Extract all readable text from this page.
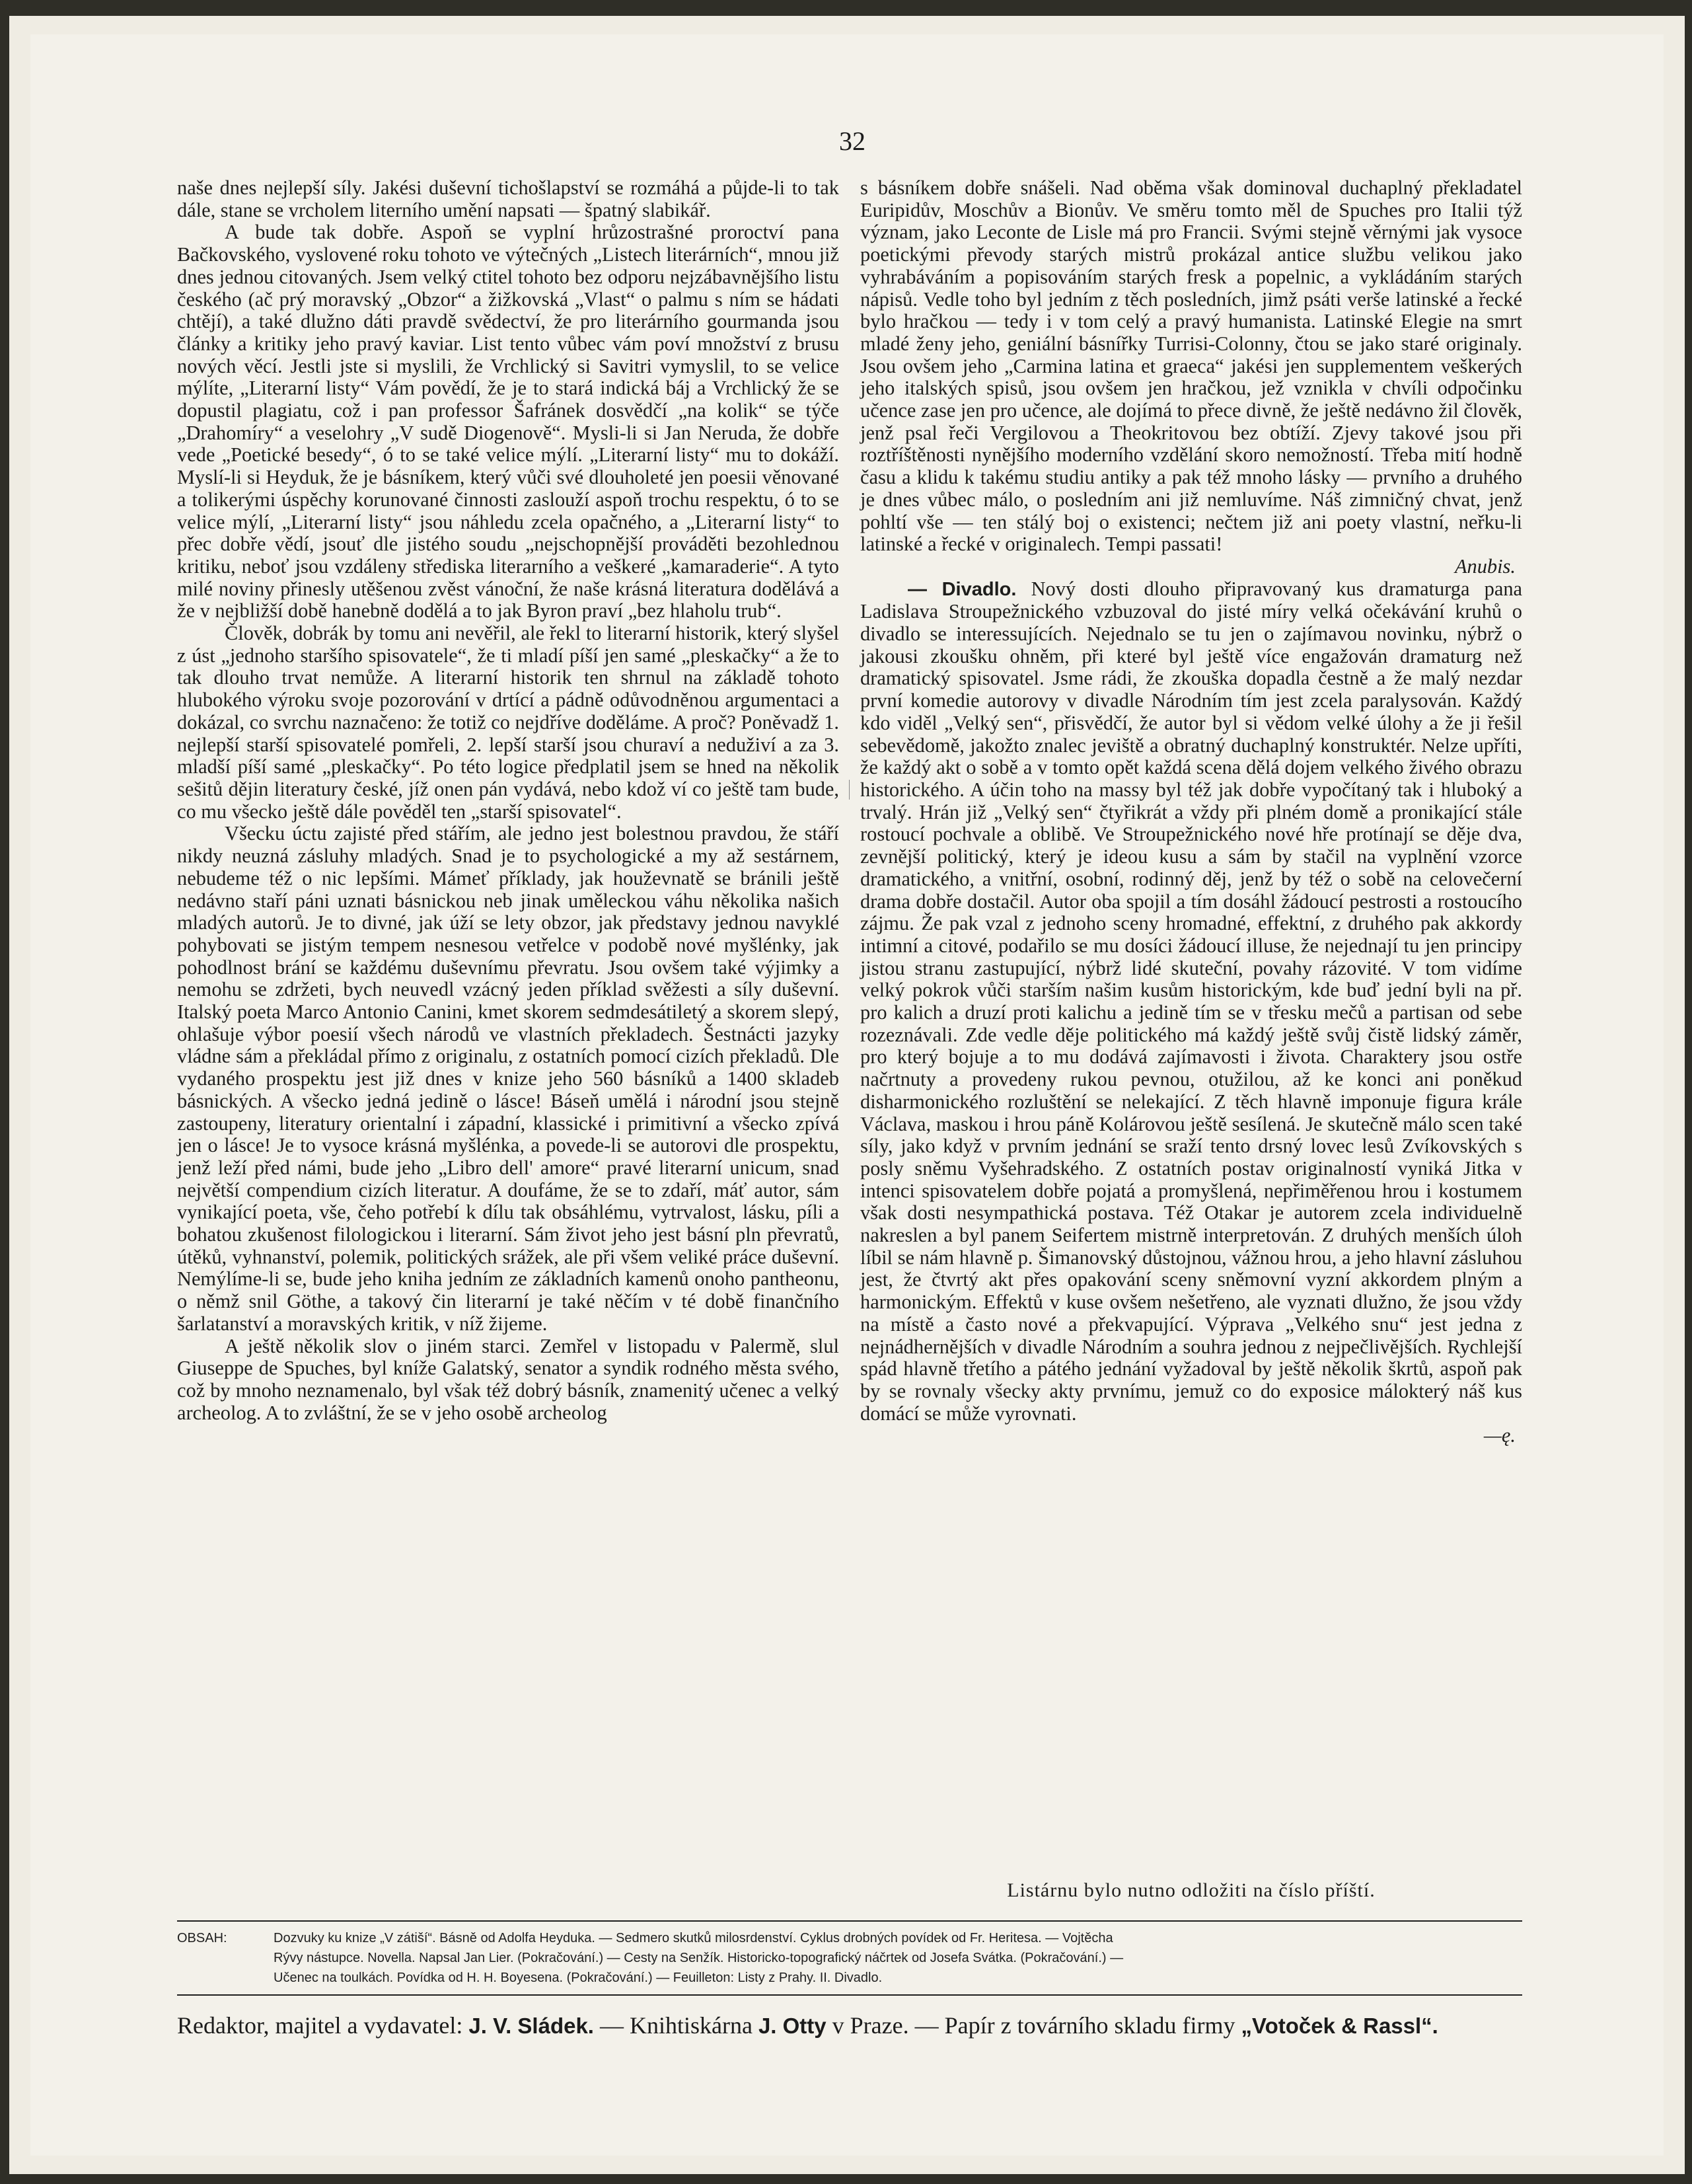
32

naše dnes nejlepší síly. Jakési duševní tichošlapství se rozmáhá a půjde-li to tak dále, stane se vrcholem literního umění napsati — špatný slabikář.

A bude tak dobře. Aspoň se vyplní hrůzostrašné proroctví pana Bačkovského, vyslovené roku tohoto ve výtečných „Listech literárních“, mnou již dnes jednou citovaných. Jsem velký ctitel tohoto bez odporu nejzábavnějšího listu českého (ač prý moravský „Obzor“ a žižkovská „Vlast“ o palmu s ním se hádati chtějí), a také dlužno dáti pravdě svědectví, že pro literárního gourmanda jsou články a kritiky jeho pravý kaviar. List tento vůbec vám poví množství z brusu nových věcí. Jestli jste si myslili, že Vrchlický si Savitri vymyslil, to se velice mýlíte, „Literarní listy“ Vám povědí, že je to stará indická báj a Vrchlický že se dopustil plagiatu, což i pan professor Šafránek dosvědčí „na kolik“ se týče „Drahomíry“ a veselohry „V sudě Diogenově“. Mysli-li si Jan Neruda, že dobře vede „Poetické besedy“, ó to se také velice mýlí. „Literarní listy“ mu to dokáží. Myslí-li si Heyduk, že je básníkem, který vůči své dlouholeté jen poesii věnované a tolikerými úspěchy korunované činnosti zaslouží aspoň trochu respektu, ó to se velice mýlí, „Literarní listy“ jsou náhledu zcela opačného, a „Literarní listy“ to přec dobře vědí, jsouť dle jistého soudu „nejschopnější prováděti bezohlednou kritiku, neboť jsou vzdáleny střediska literarního a veškeré „kamaraderie“. A tyto milé noviny přinesly utěšenou zvěst vánoční, že naše krásná literatura dodělává a že v nejbližší době hanebně dodělá a to jak Byron praví „bez hlaholu trub“.

Člověk, dobrák by tomu ani nevěřil, ale řekl to literarní historik, který slyšel z úst „jednoho staršího spisovatele“, že ti mladí píší jen samé „pleskačky“ a že to tak dlouho trvat nemůže. A literarní historik ten shrnul na základě tohoto hlubokého výroku svoje pozorování v drtící a pádně odůvodněnou argumentaci a dokázal, co svrchu naznačeno: že totiž co nejdříve doděláme. A proč? Poněvadž 1. nejlepší starší spisovatelé pomřeli, 2. lepší starší jsou churaví a neduživí a za 3. mladší píší samé „pleskačky“. Po této logice předplatil jsem se hned na několik sešitů dějin literatury české, jíž onen pán vydává, nebo kdož ví co ještě tam bude, co mu všecko ještě dále pověděl ten „starší spisovatel“.

Všecku úctu zajisté před stářím, ale jedno jest bolestnou pravdou, že stáří nikdy neuzná zásluhy mladých. Snad je to psychologické a my až sestárnem, nebudeme též o nic lepšími. Mámeť příklady, jak houževnatě se bránili ještě nedávno staří páni uznati básnickou neb jinak uměleckou váhu několika našich mladých autorů. Je to divné, jak úží se lety obzor, jak představy jednou navyklé pohybovati se jistým tempem nesnesou vetřelce v podobě nové myšlénky, jak pohodlnost brání se každému duševnímu převratu. Jsou ovšem také výjimky a nemohu se zdržeti, bych neuvedl vzácný jeden příklad svěžesti a síly duševní. Italský poeta Marco Antonio Canini, kmet skorem sedmdesátiletý a skorem slepý, ohlašuje výbor poesií všech národů ve vlastních překladech. Šestnácti jazyky vládne sám a překládal přímo z originalu, z ostatních pomocí cizích překladů. Dle vydaného prospektu jest již dnes v knize jeho 560 básníků a 1400 skladeb básnických. A všecko jedná jedině o lásce! Báseň umělá i národní jsou stejně zastoupeny, literatury orientalní i západní, klassické i primitivní a všecko zpívá jen o lásce! Je to vysoce krásná myšlénka, a povede-li se autorovi dle prospektu, jenž leží před námi, bude jeho „Libro dell' amore“ pravé literarní unicum, snad největší compendium cizích literatur. A doufáme, že se to zdaří, máť autor, sám vynikající poeta, vše, čeho potřebí k dílu tak obsáhlému, vytrvalost, lásku, píli a bohatou zkušenost filologickou i literarní. Sám život jeho jest básní pln převratů, útěků, vyhnanství, polemik, politických srážek, ale při všem veliké práce duševní. Nemýlíme-li se, bude jeho kniha jedním ze základních kamenů onoho pantheonu, o němž snil Göthe, a takový čin literarní je také něčím v té době finančního šarlatanství a moravských kritik, v níž žijeme.

A ještě několik slov o jiném starci. Zemřel v listopadu v Palermě, slul Giuseppe de Spuches, byl kníže Galatský, senator a syndik rodného města svého, což by mnoho neznamenalo, byl však též dobrý básník, znamenitý učenec a velký archeolog. A to zvláštní, že se v jeho osobě archeolog

s básníkem dobře snášeli. Nad oběma však dominoval duchaplný překladatel Euripidův, Moschův a Bionův. Ve směru tomto měl de Spuches pro Italii týž význam, jako Leconte de Lisle má pro Francii. Svými stejně věrnými jak vysoce poetickými převody starých mistrů prokázal antice službu velikou jako vyhrabáváním a popisováním starých fresk a popelnic, a vykládáním starých nápisů. Vedle toho byl jedním z těch posledních, jimž psáti verše latinské a řecké bylo hračkou — tedy i v tom celý a pravý humanista. Latinské Elegie na smrt mladé ženy jeho, geniální básnířky Turrisi-Colonny, čtou se jako staré originaly. Jsou ovšem jeho „Carmina latina et graeca“ jakési jen supplementem veškerých jeho italských spisů, jsou ovšem jen hračkou, jež vznikla v chvíli odpočinku učence zase jen pro učence, ale dojímá to přece divně, že ještě nedávno žil člověk, jenž psal řeči Vergilovou a Theokritovou bez obtíží. Zjevy takové jsou při roztříštěnosti nynějšího moderního vzdělání skoro nemožností. Třeba mití hodně času a klidu k takému studiu antiky a pak též mnoho lásky — prvního a druhého je dnes vůbec málo, o posledním ani již nemluvíme. Náš zimničný chvat, jenž pohltí vše — ten stálý boj o existenci; nečtem již ani poety vlastní, neřku-li latinské a řecké v originalech. Tempi passati!

Anubis.

— Divadlo. Nový dosti dlouho připravovaný kus dramaturga pana Ladislava Stroupežnického vzbuzoval do jisté míry velká očekávání kruhů o divadlo se interessujících. Nejednalo se tu jen o zajímavou novinku, nýbrž o jakousi zkoušku ohněm, při které byl ještě více engažován dramaturg než dramatický spisovatel. Jsme rádi, že zkouška dopadla čestně a že malý nezdar první komedie autorovy v divadle Národním tím jest zcela paralysován. Každý kdo viděl „Velký sen“, přisvědčí, že autor byl si vědom velké úlohy a že ji řešil sebevědomě, jakožto znalec jeviště a obratný duchaplný konstruktér. Nelze upříti, že každý akt o sobě a v tomto opět každá scena dělá dojem velkého živého obrazu historického. A účin toho na massy byl též jak dobře vypočítaný tak i hluboký a trvalý. Hrán již „Velký sen“ čtyřikrát a vždy při plném domě a pronikající stále rostoucí pochvale a oblibě. Ve Stroupežnického nové hře protínají se děje dva, zevnější politický, který je ideou kusu a sám by stačil na vyplnění vzorce dramatického, a vnitřní, osobní, rodinný děj, jenž by též o sobě na celovečerní drama dobře dostačil. Autor oba spojil a tím dosáhl žádoucí pestrosti a rostoucího zájmu. Že pak vzal z jednoho sceny hromadné, effektní, z druhého pak akkordy intimní a citové, podařilo se mu dosíci žádoucí illuse, že nejednají tu jen principy jistou stranu zastupující, nýbrž lidé skuteční, povahy rázovité. V tom vidíme velký pokrok vůči starším našim kusům historickým, kde buď jední byli na př. pro kalich a druzí proti kalichu a jedině tím se v třesku mečů a partisan od sebe rozeznávali. Zde vedle děje politického má každý ještě svůj čistě lidský záměr, pro který bojuje a to mu dodává zajímavosti i života. Charaktery jsou ostře načrtnuty a provedeny rukou pevnou, otužilou, až ke konci ani poněkud disharmonického rozluštění se nelekající. Z těch hlavně imponuje figura krále Václava, maskou i hrou páně Kolárovou ještě sesílená. Je skutečně málo scen také síly, jako když v prvním jednání se sraží tento drsný lovec lesů Zvíkovských s posly sněmu Vyšehradského. Z ostatních postav originalností vyniká Jitka v intenci spisovatelem dobře pojatá a promyšlená, nepřiměřenou hrou i kostumem však dosti nesympathická postava. Též Otakar je autorem zcela individuelně nakreslen a byl panem Seifertem mistrně interpretován. Z druhých menších úloh líbil se nám hlavně p. Šimanovský důstojnou, vážnou hrou, a jeho hlavní zásluhou jest, že čtvrtý akt přes opakování sceny sněmovní vyzní akkordem plným a harmonickým. Effektů v kuse ovšem nešetřeno, ale vyznati dlužno, že jsou vždy na místě a často nové a překvapující. Výprava „Velkého snu“ jest jedna z nejnádhernějších v divadle Národním a souhra jednou z nejpečlivějších. Rychlejší spád hlavně třetího a pátého jednání vyžadoval by ještě několik škrtů, aspoň pak by se rovnaly všecky akty prvnímu, jemuž co do exposice málokterý náš kus domácí se může vyrovnati.

—ę.

Listárnu bylo nutno odložiti na číslo příští.
OBSAH:	Dozvuky ku knize „V zátiší“. Básně od Adolfa Heyduka. — Sedmero skutků milosrdenství. Cyklus drobných povídek od Fr. Heritesa. — Vojtěcha
Rývy nástupce. Novella. Napsal Jan Lier. (Pokračování.) — Cesty na Senžík. Historicko-topografický náčrtek od Josefa Svátka. (Pokračování.) —
Učenec na toulkách. Povídka od H. H. Boyesena. (Pokračování.) — Feuilleton: Listy z Prahy. II. Divadlo.
Redaktor, majitel a vydavatel: J. V. Sládek. — Knihtiskárna J. Otty v Praze. — Papír z továrního skladu firmy „Votoček & Rassl“.
